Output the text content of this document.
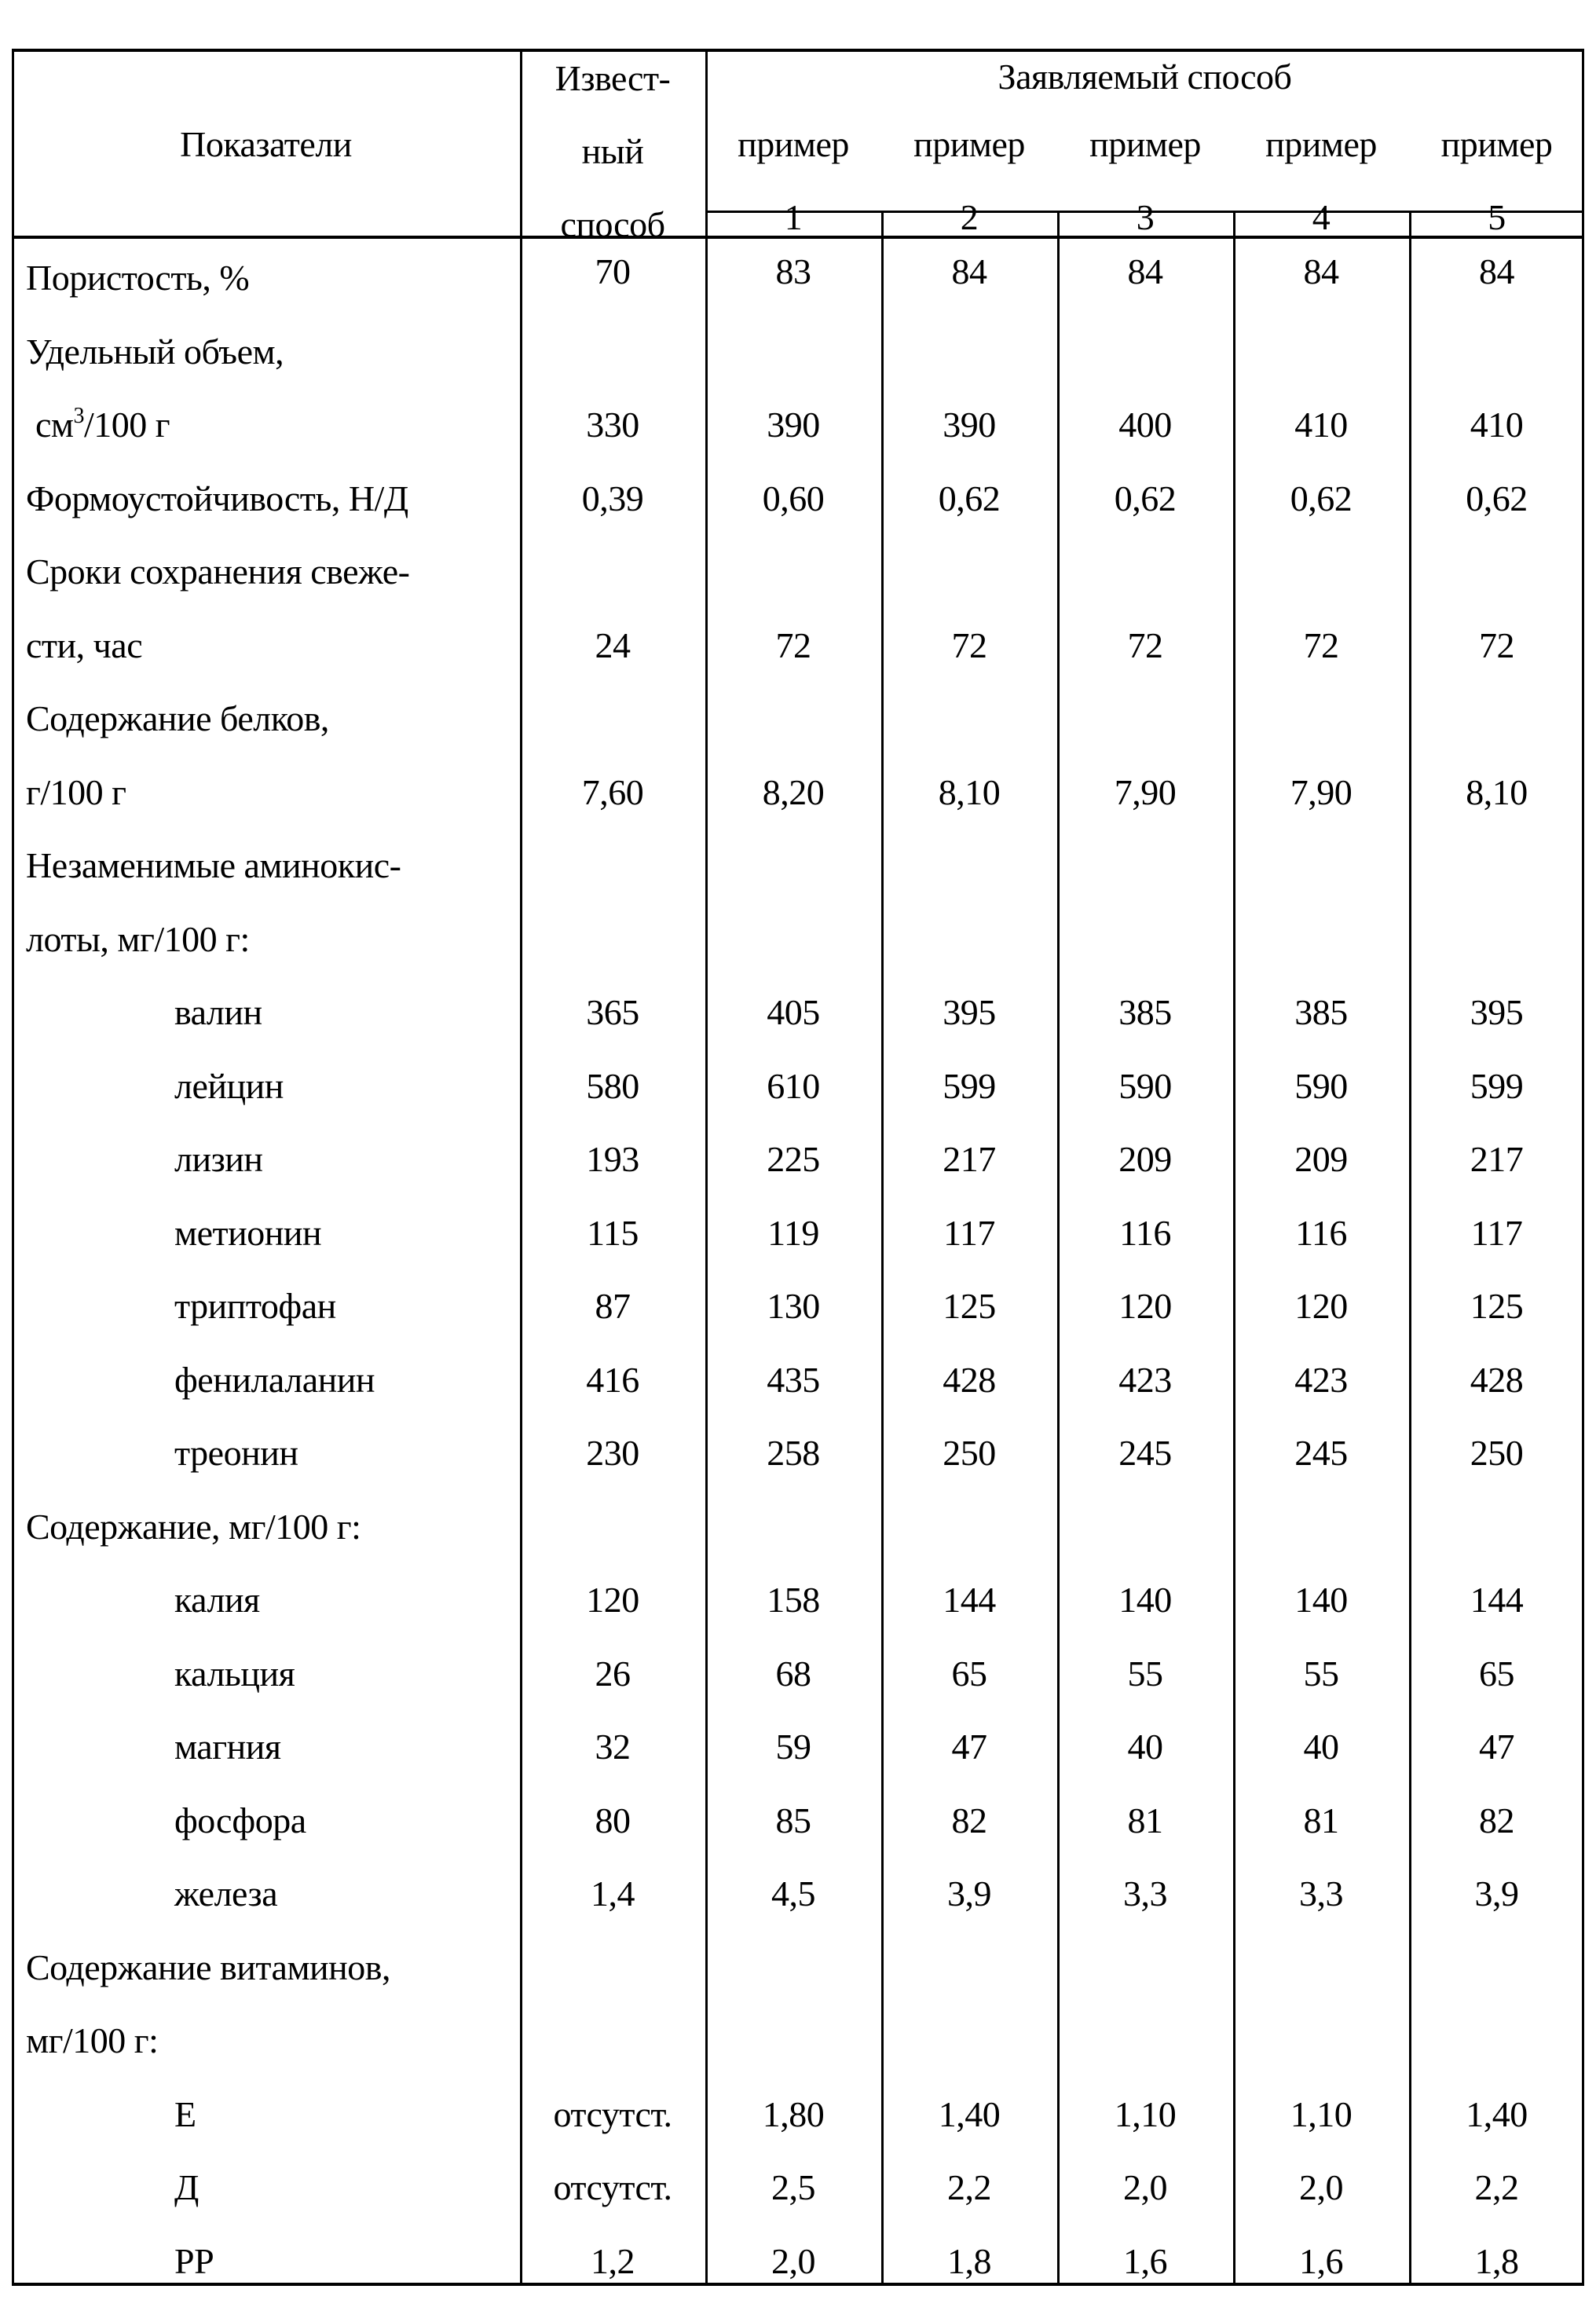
Показатели
Извест-
ный
способ
Заявляемый способ
пример
1
пример
2
пример
3
пример
4
пример
5
Пористость, %	70	83	84	84	84	84
Удельный объем,
см3/100 г	330	390	390	400	410	410
Формоустойчивость, Н/Д	0,39	0,60	0,62	0,62	0,62	0,62
Сроки сохранения свеже-
сти, час	24	72	72	72	72	72
Содержание белков,
г/100 г	7,60	8,20	8,10	7,90	7,90	8,10
Незаменимые аминокис-
лоты, мг/100 г:
валин	365	405	395	385	385	395
лейцин	580	610	599	590	590	599
лизин	193	225	217	209	209	217
метионин	115	119	117	116	116	117
триптофан	87	130	125	120	120	125
фенилаланин	416	435	428	423	423	428
треонин	230	258	250	245	245	250
Содержание, мг/100 г:
калия	120	158	144	140	140	144
кальция	26	68	65	55	55	65
магния	32	59	47	40	40	47
фосфора	80	85	82	81	81	82
железа	1,4	4,5	3,9	3,3	3,3	3,9
Содержание витаминов,
мг/100 г:
Е	отсутст.	1,80	1,40	1,10	1,10	1,40
Д	отсутст.	2,5	2,2	2,0	2,0	2,2
РР	1,2	2,0	1,8	1,6	1,6	1,8
